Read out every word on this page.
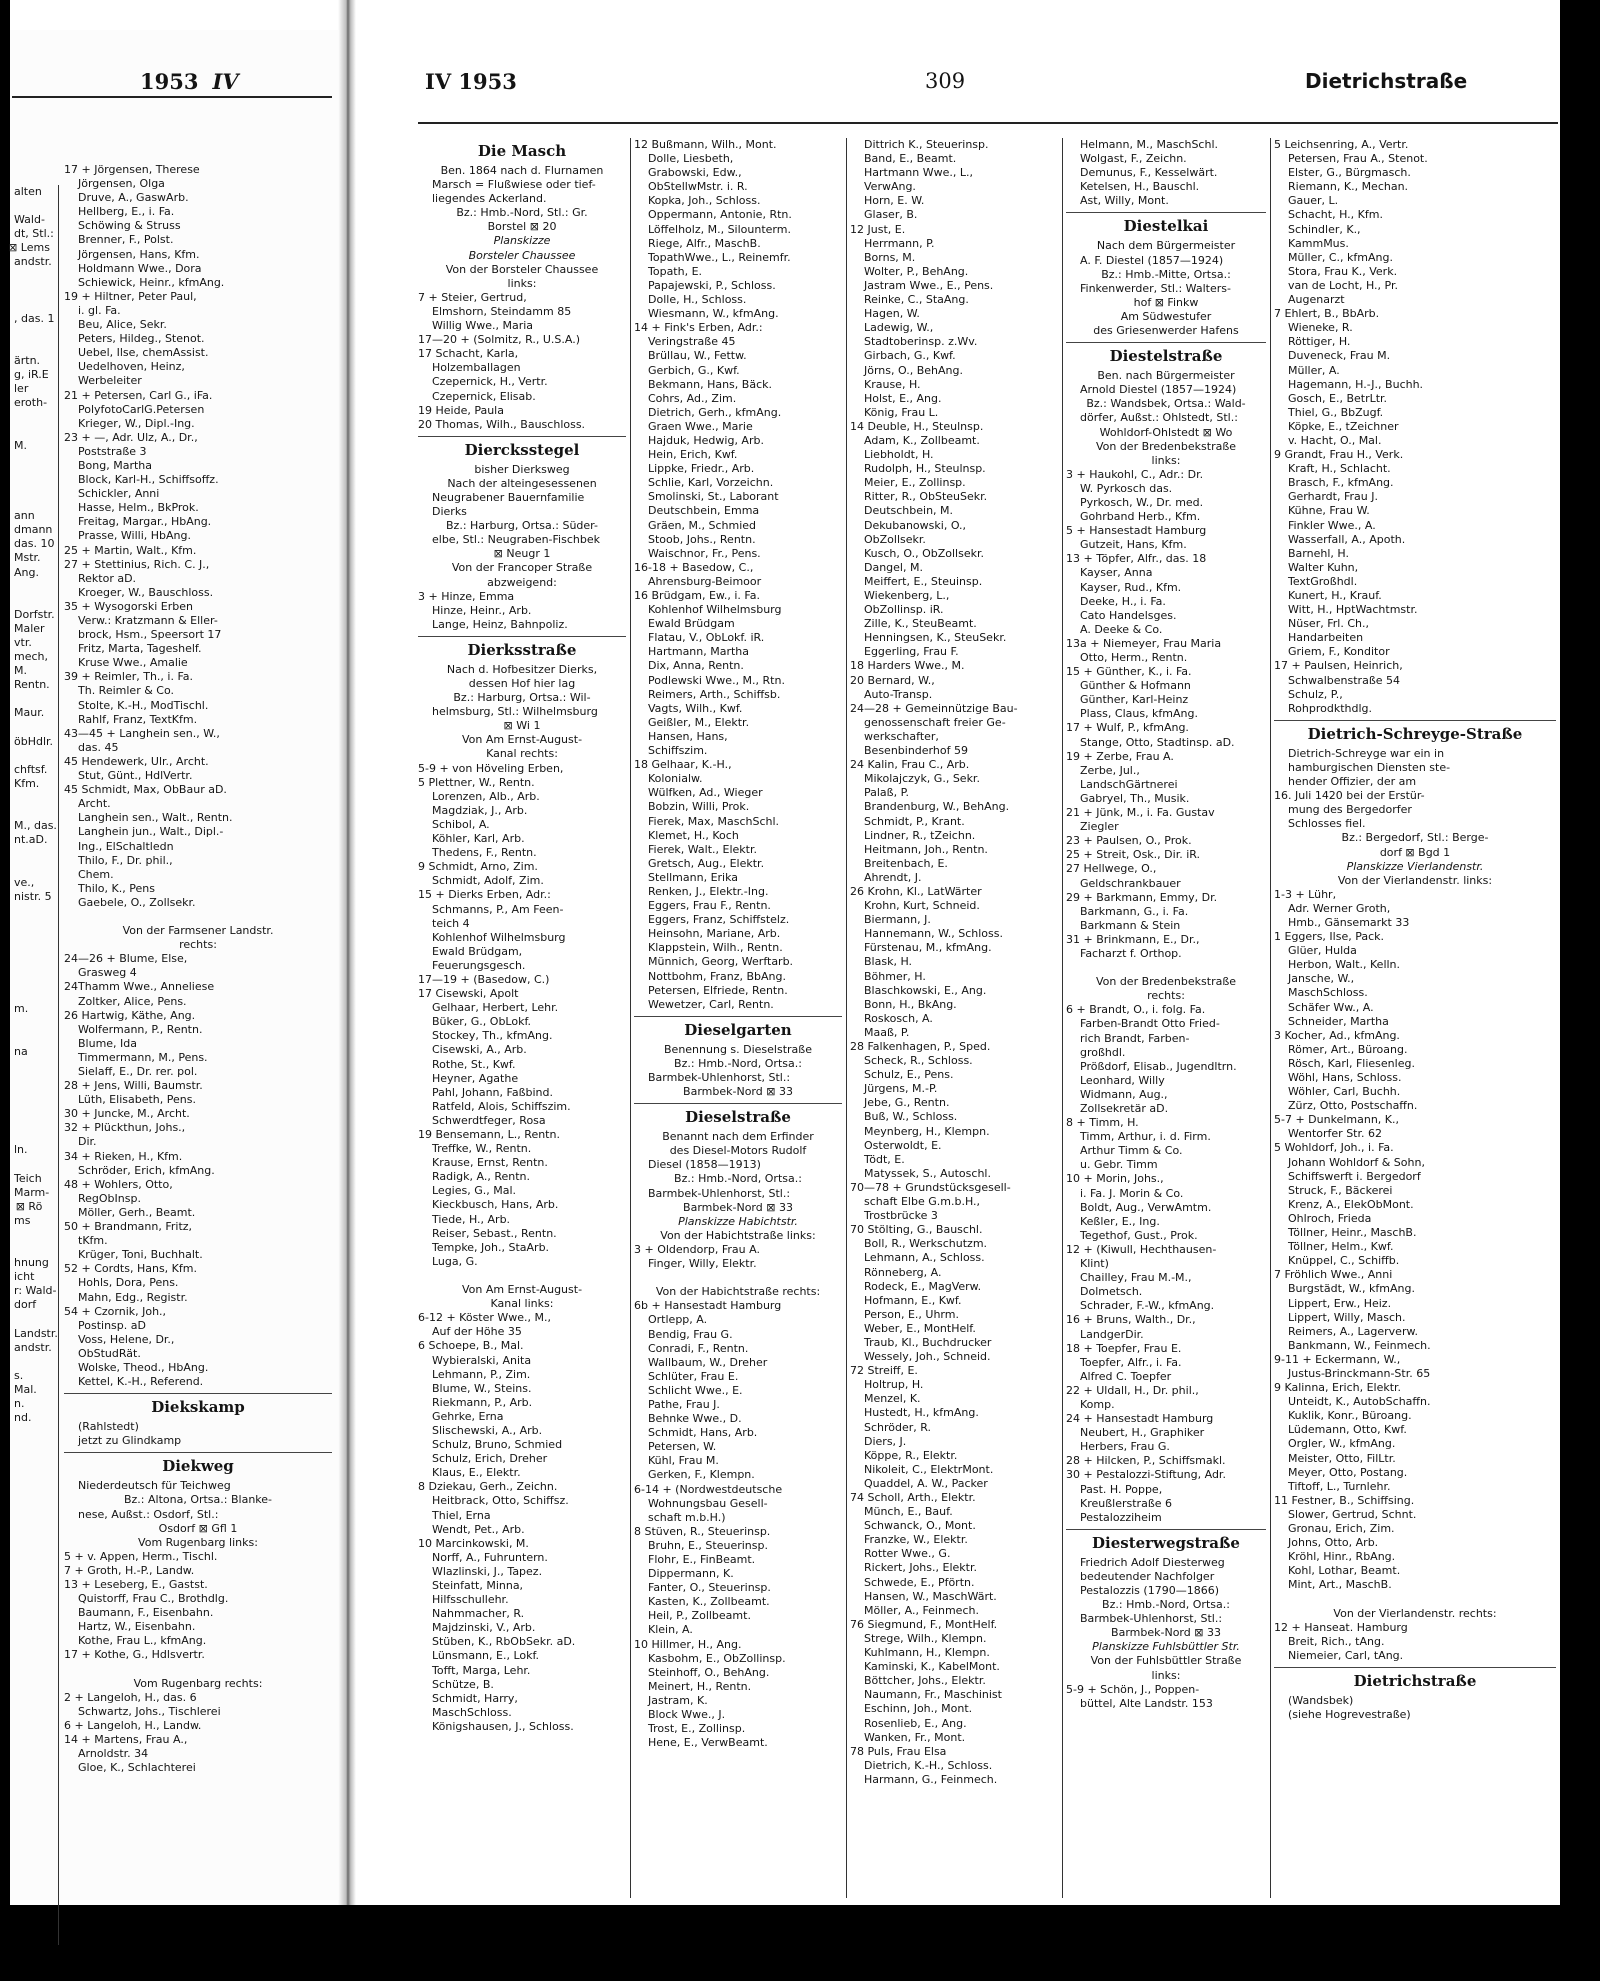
1953 IV	IV 1953	309	Dietrichstraße
alten

Wald-
dt, Stl.:
⊠ Lems
andstr.

, das. 1

ärtn.
g, iR.E
ler
eroth-

M.

ann
dmann
das. 10
Mstr.
Ang.

Dorfstr.
Maler
vtr.
mech,
M.
Rentn.

Maur.

öbHdlr.

chftsf.
Kfm.

M., das.
nt.aD.

ve.,
nistr. 5

m.

na

ln.

Teich
Marm-
⊠ Rö
ms

hnung
icht
r: Wald-
dorf

Landstr.
andstr.

s.
Mal.
n.
nd.
17 + Jörgensen, Therese
Jörgensen, Olga
Druve, A., GaswArb.
Hellberg, E., i. Fa.
Schöwing & Struss
Brenner, F., Polst.
Jörgensen, Hans, Kfm.
Holdmann Wwe., Dora
Schiewick, Heinr., kfmAng.
19 + Hiltner, Peter Paul,
i. gl. Fa.
Beu, Alice, Sekr.
Peters, Hildeg., Stenot.
Uebel, Ilse, chemAssist.
Uedelhoven, Heinz,
Werbeleiter
21 + Petersen, Carl G., iFa.
PolyfotoCarlG.Petersen
Krieger, W., Dipl.-Ing.
23 + —, Adr. Ulz, A., Dr.,
Poststraße 3
Bong, Martha
Block, Karl-H., Schiffsoffz.
Schickler, Anni
Hasse, Helm., BkProk.
Freitag, Margar., HbAng.
Prasse, Willi, HbAng.
25 + Martin, Walt., Kfm.
27 + Stettinius, Rich. C. J.,
Rektor aD.
Kroeger, W., Bauschloss.
35 + Wysogorski Erben
Verw.: Kratzmann & Eller-
brock, Hsm., Speersort 17
Fritz, Marta, Tageshelf.
Kruse Wwe., Amalie
39 + Reimler, Th., i. Fa.
Th. Reimler & Co.
Stolte, K.-H., ModTischl.
Rahlf, Franz, TextKfm.
43—45 + Langhein sen., W.,
das. 45
45 Hendewerk, Ulr., Archt.
Stut, Günt., HdlVertr.
45 Schmidt, Max, ObBaur aD.
Archt.
Langhein sen., Walt., Rentn.
Langhein jun., Walt., Dipl.-
Ing., ElSchaltledn
Thilo, F., Dr. phil.,
Chem.
Thilo, K., Pens
Gaebele, O., Zollsekr.

Von der Farmsener Landstr.
rechts:
24—26 + Blume, Else,
Grasweg 4
24Thamm Wwe., Anneliese
Zoltker, Alice, Pens.
26 Hartwig, Käthe, Ang.
Wolfermann, P., Rentn.
Blume, Ida
Timmermann, M., Pens.
Sielaff, E., Dr. rer. pol.
28 + Jens, Willi, Baumstr.
Lüth, Elisabeth, Pens.
30 + Juncke, M., Archt.
32 + Plückthun, Johs.,
Dir.
34 + Rieken, H., Kfm.
Schröder, Erich, kfmAng.
48 + Wohlers, Otto,
RegObInsp.
Möller, Gerh., Beamt.
50 + Brandmann, Fritz,
tKfm.
Krüger, Toni, Buchhalt.
52 + Cordts, Hans, Kfm.
Hohls, Dora, Pens.
Mahn, Edg., Registr.
54 + Czornik, Joh.,
Postinsp. aD
Voss, Helene, Dr.,
ObStudRät.
Wolske, Theod., HbAng.
Kettel, K.-H., Referend.
Diekskamp
(Rahlstedt)
jetzt zu Glindkamp
Diekweg
Niederdeutsch für Teichweg
Bz.: Altona, Ortsa.: Blanke-
nese, Außst.: Osdorf, Stl.:
Osdorf ⊠ Gfl 1
Vom Rugenbarg links:
5 + v. Appen, Herm., Tischl.
7 + Groth, H.-P., Landw.
13 + Leseberg, E., Gastst.
Quistorff, Frau C., Brothdlg.
Baumann, F., Eisenbahn.
Hartz, W., Eisenbahn.
Kothe, Frau L., kfmAng.
17 + Kothe, G., Hdlsvertr.

Vom Rugenbarg rechts:
2 + Langeloh, H., das. 6
Schwartz, Johs., Tischlerei
6 + Langeloh, H., Landw.
14 + Martens, Frau A.,
Arnoldstr. 34
Gloe, K., Schlachterei
Die Masch
Ben. 1864 nach d. Flurnamen
Marsch = Flußwiese oder tief-
liegendes Ackerland.
Bz.: Hmb.-Nord, Stl.: Gr.
Borstel ⊠ 20
Planskizze
Borsteler Chaussee
Von der Borsteler Chaussee
links:
7 + Steier, Gertrud,
Elmshorn, Steindamm 85
Willig Wwe., Maria
17—20 + (Solmitz, R., U.S.A.)
17 Schacht, Karla,
Holzemballagen
Czepernick, H., Vertr.
Czepernick, Elisab.
19 Heide, Paula
20 Thomas, Wilh., Bauschloss.
Diercksstegel
bisher Dierksweg
Nach der alteingesessenen
Neugrabener Bauernfamilie
Dierks
Bz.: Harburg, Ortsa.: Süder-
elbe, Stl.: Neugraben-Fischbek
⊠ Neugr 1
Von der Francoper Straße
abzweigend:
3 + Hinze, Emma
Hinze, Heinr., Arb.
Lange, Heinz, Bahnpoliz.
Dierksstraße
Nach d. Hofbesitzer Dierks,
dessen Hof hier lag
Bz.: Harburg, Ortsa.: Wil-
helmsburg, Stl.: Wilhelmsburg
⊠ Wi 1
Von Am Ernst-August-
Kanal rechts:
5-9 + von Höveling Erben,
5 Plettner, W., Rentn.
Lorenzen, Alb., Arb.
Magdziak, J., Arb.
Schibol, A.
Köhler, Karl, Arb.
Thedens, F., Rentn.
9 Schmidt, Arno, Zim.
Schmidt, Adolf, Zim.
15 + Dierks Erben, Adr.:
Schmanns, P., Am Feen-
teich 4
Kohlenhof Wilhelmsburg
Ewald Brüdgam,
Feuerungsgesch.
17—19 + (Basedow, C.)
17 Cisewski, Apolt
Gelhaar, Herbert, Lehr.
Büker, G., ObLokf.
Stockey, Th., kfmAng.
Cisewski, A., Arb.
Rothe, St., Kwf.
Heyner, Agathe
Pahl, Johann, Faßbind.
Ratfeld, Alois, Schiffszim.
Schwerdtfeger, Rosa
19 Bensemann, L., Rentn.
Treffke, W., Rentn.
Krause, Ernst, Rentn.
Radigk, A., Rentn.
Legies, G., Mal.
Kieckbusch, Hans, Arb.
Tiede, H., Arb.
Reiser, Sebast., Rentn.
Tempke, Joh., StaArb.
Luga, G.

Von Am Ernst-August-
Kanal links:
6-12 + Köster Wwe., M.,
Auf der Höhe 35
6 Schoepe, B., Mal.
Wybieralski, Anita
Lehmann, P., Zim.
Blume, W., Steins.
Riekmann, P., Arb.
Gehrke, Erna
Slischewski, A., Arb.
Schulz, Bruno, Schmied
Schulz, Erich, Dreher
Klaus, E., Elektr.
8 Dziekau, Gerh., Zeichn.
Heitbrack, Otto, Schiffsz.
Thiel, Erna
Wendt, Pet., Arb.
10 Marcinkowski, M.
Norff, A., Fuhruntern.
Wlazlinski, J., Tapez.
Steinfatt, Minna,
Hilfsschullehr.
Nahmmacher, R.
Majdzinski, V., Arb.
Stüben, K., RbObSekr. aD.
Lünsmann, E., Lokf.
Tofft, Marga, Lehr.
Schütze, B.
Schmidt, Harry,
MaschSchloss.
Königshausen, J., Schloss.
12 Bußmann, Wilh., Mont.
Dolle, Liesbeth,
Grabowski, Edw.,
ObStellwMstr. i. R.
Kopka, Joh., Schloss.
Oppermann, Antonie, Rtn.
Löffelholz, M., Silounterm.
Riege, Alfr., MaschB.
TopathWwe., L., Reinemfr.
Topath, E.
Papajewski, P., Schloss.
Dolle, H., Schloss.
Wiesmann, W., kfmAng.
14 + Fink's Erben, Adr.:
Veringstraße 45
Brüllau, W., Fettw.
Gerbich, G., Kwf.
Bekmann, Hans, Bäck.
Cohrs, Ad., Zim.
Dietrich, Gerh., kfmAng.
Graen Wwe., Marie
Hajduk, Hedwig, Arb.
Hein, Erich, Kwf.
Lippke, Friedr., Arb.
Schlie, Karl, Vorzeichn.
Smolinski, St., Laborant
Deutschbein, Emma
Gräen, M., Schmied
Stoob, Johs., Rentn.
Waischnor, Fr., Pens.
16-18 + Basedow, C.,
Ahrensburg-Beimoor
16 Brüdgam, Ew., i. Fa.
Kohlenhof Wilhelmsburg
Ewald Brüdgam
Flatau, V., ObLokf. iR.
Hartmann, Martha
Dix, Anna, Rentn.
Podlewski Wwe., M., Rtn.
Reimers, Arth., Schiffsb.
Vagts, Wilh., Kwf.
Geißler, M., Elektr.
Hansen, Hans,
Schiffszim.
18 Gelhaar, K.-H.,
Kolonialw.
Wülfken, Ad., Wieger
Bobzin, Willi, Prok.
Fierek, Max, MaschSchl.
Klemet, H., Koch
Fierek, Walt., Elektr.
Gretsch, Aug., Elektr.
Stellmann, Erika
Renken, J., Elektr.-Ing.
Eggers, Frau F., Rentn.
Eggers, Franz, Schiffstelz.
Heinsohn, Mariane, Arb.
Klappstein, Wilh., Rentn.
Münnich, Georg, Werftarb.
Nottbohm, Franz, BbAng.
Petersen, Elfriede, Rentn.
Wewetzer, Carl, Rentn.
Dieselgarten
Benennung s. Dieselstraße
Bz.: Hmb.-Nord, Ortsa.:
Barmbek-Uhlenhorst, Stl.:
Barmbek-Nord ⊠ 33
Dieselstraße
Benannt nach dem Erfinder
des Diesel-Motors Rudolf
Diesel (1858—1913)
Bz.: Hmb.-Nord, Ortsa.:
Barmbek-Uhlenhorst, Stl.:
Barmbek-Nord ⊠ 33
Planskizze Habichtstr.
Von der Habichtstraße links:
3 + Oldendorp, Frau A.
Finger, Willy, Elektr.

Von der Habichtstraße rechts:
6b + Hansestadt Hamburg
Ortlepp, A.
Bendig, Frau G.
Conradi, F., Rentn.
Wallbaum, W., Dreher
Schlüter, Frau E.
Schlicht Wwe., E.
Pathe, Frau J.
Behnke Wwe., D.
Schmidt, Hans, Arb.
Petersen, W.
Kühl, Frau M.
Gerken, F., Klempn.
6-14 + (Nordwestdeutsche
Wohnungsbau Gesell-
schaft m.b.H.)
8 Stüven, R., Steuerinsp.
Bruhn, E., Steuerinsp.
Flohr, E., FinBeamt.
Dippermann, K.
Fanter, O., Steuerinsp.
Kasten, K., Zollbeamt.
Heil, P., Zollbeamt.
Klein, A.
10 Hillmer, H., Ang.
Kasbohm, E., ObZollinsp.
Steinhoff, O., BehAng.
Meinert, H., Rentn.
Jastram, K.
Block Wwe., J.
Trost, E., Zollinsp.
Hene, E., VerwBeamt.
Dittrich K., Steuerinsp.
Band, E., Beamt.
Hartmann Wwe., L.,
VerwAng.
Horn, E. W.
Glaser, B.
12 Just, E.
Herrmann, P.
Borns, M.
Wolter, P., BehAng.
Jastram Wwe., E., Pens.
Reinke, C., StaAng.
Hagen, W.
Ladewig, W.,
Stadtoberinsp. z.Wv.
Girbach, G., Kwf.
Jörns, O., BehAng.
Krause, H.
Holst, E., Ang.
König, Frau L.
14 Deuble, H., Steulnsp.
Adam, K., Zollbeamt.
Liebholdt, H.
Rudolph, H., Steulnsp.
Meier, E., Zollinsp.
Ritter, R., ObSteuSekr.
Deutschbein, M.
Dekubanowski, O.,
ObZollsekr.
Kusch, O., ObZollsekr.
Dangel, M.
Meiffert, E., Steuinsp.
Wiekenberg, L.,
ObZollinsp. iR.
Zille, K., SteuBeamt.
Henningsen, K., SteuSekr.
Eggerling, Frau F.
18 Harders Wwe., M.
20 Bernard, W.,
Auto-Transp.
24—28 + Gemeinnützige Bau-
genossenschaft freier Ge-
werkschafter,
Besenbinderhof 59
24 Kalin, Frau C., Arb.
Mikolajczyk, G., Sekr.
Palaß, P.
Brandenburg, W., BehAng.
Schmidt, P., Krant.
Lindner, R., tZeichn.
Heitmann, Joh., Rentn.
Breitenbach, E.
Ahrendt, J.
26 Krohn, Kl., LatWärter
Krohn, Kurt, Schneid.
Biermann, J.
Hannemann, W., Schloss.
Fürstenau, M., kfmAng.
Blask, H.
Böhmer, H.
Blaschkowski, E., Ang.
Bonn, H., BkAng.
Roskosch, A.
Maaß, P.
28 Falkenhagen, P., Sped.
Scheck, R., Schloss.
Schulz, E., Pens.
Jürgens, M.-P.
Jebe, G., Rentn.
Buß, W., Schloss.
Meynberg, H., Klempn.
Osterwoldt, E.
Tödt, E.
Matyssek, S., Autoschl.
70—78 + Grundstücksgesell-
schaft Elbe G.m.b.H.,
Trostbrücke 3
70 Stölting, G., Bauschl.
Boll, R., Werkschutzm.
Lehmann, A., Schloss.
Rönneberg, A.
Rodeck, E., MagVerw.
Hofmann, E., Kwf.
Person, E., Uhrm.
Weber, E., MontHelf.
Traub, Kl., Buchdrucker
Wessely, Joh., Schneid.
72 Streiff, E.
Holtrup, H.
Menzel, K.
Hustedt, H., kfmAng.
Schröder, R.
Diers, J.
Köppe, R., Elektr.
Nikoleit, C., ElektrMont.
Quaddel, A. W., Packer
74 Scholl, Arth., Elektr.
Münch, E., Bauf.
Schwanck, O., Mont.
Franzke, W., Elektr.
Rotter Wwe., G.
Rickert, Johs., Elektr.
Schwede, E., Pförtn.
Hansen, W., MaschWärt.
Möller, A., Feinmech.
76 Siegmund, F., MontHelf.
Strege, Wilh., Klempn.
Kuhlmann, H., Klempn.
Kaminski, K., KabelMont.
Böttcher, Johs., Elektr.
Naumann, Fr., Maschinist
Eschinn, Joh., Mont.
Rosenlieb, E., Ang.
Wanken, Fr., Mont.
78 Puls, Frau Elsa
Dietrich, K.-H., Schloss.
Harmann, G., Feinmech.
Helmann, M., MaschSchl.
Wolgast, F., Zeichn.
Demunus, F., Kesselwärt.
Ketelsen, H., Bauschl.
Ast, Willy, Mont.
Diestelkai
Nach dem Bürgermeister
A. F. Diestel (1857—1924)
Bz.: Hmb.-Mitte, Ortsa.:
Finkenwerder, Stl.: Walters-
hof ⊠ Finkw
Am Südwestufer
des Griesenwerder Hafens
Diestelstraße
Ben. nach Bürgermeister
Arnold Diestel (1857—1924)
Bz.: Wandsbek, Ortsa.: Wald-
dörfer, Außst.: Ohlstedt, Stl.:
Wohldorf-Ohlstedt ⊠ Wo
Von der Bredenbekstraße
links:
3 + Haukohl, C., Adr.: Dr.
W. Pyrkosch das.
Pyrkosch, W., Dr. med.
Gohrband Herb., Kfm.
5 + Hansestadt Hamburg
Gutzeit, Hans, Kfm.
13 + Töpfer, Alfr., das. 18
Kayser, Anna
Kayser, Rud., Kfm.
Deeke, H., i. Fa.
Cato Handelsges.
A. Deeke & Co.
13a + Niemeyer, Frau Maria
Otto, Herm., Rentn.
15 + Günther, K., i. Fa.
Günther & Hofmann
Günther, Karl-Heinz
Plass, Claus, kfmAng.
17 + Wulf, P., kfmAng.
Stange, Otto, Stadtinsp. aD.
19 + Zerbe, Frau A.
Zerbe, Jul.,
LandschGärtnerei
Gabryel, Th., Musik.
21 + Jünk, M., i. Fa. Gustav
Ziegler
23 + Paulsen, O., Prok.
25 + Streit, Osk., Dir. iR.
27 Hellwege, O.,
Geldschrankbauer
29 + Barkmann, Emmy, Dr.
Barkmann, G., i. Fa.
Barkmann & Stein
31 + Brinkmann, E., Dr.,
Facharzt f. Orthop.

Von der Bredenbekstraße
rechts:
6 + Brandt, O., i. folg. Fa.
Farben-Brandt Otto Fried-
rich Brandt, Farben-
großhdl.
Prößdorf, Elisab., Jugendltrn.
Leonhard, Willy
Widmann, Aug.,
Zollsekretär aD.
8 + Timm, H.
Timm, Arthur, i. d. Firm.
Arthur Timm & Co.
u. Gebr. Timm
10 + Morin, Johs.,
i. Fa. J. Morin & Co.
Boldt, Aug., VerwAmtm.
Keßler, E., Ing.
Tegethof, Gust., Prok.
12 + (Kiwull, Hechthausen-
Klint)
Chailley, Frau M.-M.,
Dolmetsch.
Schrader, F.-W., kfmAng.
16 + Bruns, Walth., Dr.,
LandgerDir.
18 + Toepfer, Frau E.
Toepfer, Alfr., i. Fa.
Alfred C. Toepfer
22 + Uldall, H., Dr. phil.,
Komp.
24 + Hansestadt Hamburg
Neubert, H., Graphiker
Herbers, Frau G.
28 + Hilcken, P., Schiffsmakl.
30 + Pestalozzi-Stiftung, Adr.
Past. H. Poppe,
Kreußlerstraße 6
Pestalozziheim
Diesterwegstraße
Friedrich Adolf Diesterweg
bedeutender Nachfolger
Pestalozzis (1790—1866)
Bz.: Hmb.-Nord, Ortsa.:
Barmbek-Uhlenhorst, Stl.:
Barmbek-Nord ⊠ 33
Planskizze Fuhlsbüttler Str.
Von der Fuhlsbüttler Straße
links:
5-9 + Schön, J., Poppen-
büttel, Alte Landstr. 153
5 Leichsenring, A., Vertr.
Petersen, Frau A., Stenot.
Elster, G., Bürgmasch.
Riemann, K., Mechan.
Gauer, L.
Schacht, H., Kfm.
Schindler, K.,
KammMus.
Müller, C., kfmAng.
Stora, Frau K., Verk.
van de Locht, H., Pr.
Augenarzt
7 Ehlert, B., BbArb.
Wieneke, R.
Röttiger, H.
Duveneck, Frau M.
Müller, A.
Hagemann, H.-J., Buchh.
Gosch, E., BetrLtr.
Thiel, G., BbZugf.
Köpke, E., tZeichner
v. Hacht, O., Mal.
9 Grandt, Frau H., Verk.
Kraft, H., Schlacht.
Brasch, F., kfmAng.
Gerhardt, Frau J.
Kühne, Frau W.
Finkler Wwe., A.
Wasserfall, A., Apoth.
Barnehl, H.
Walter Kuhn,
TextGroßhdl.
Kunert, H., Krauf.
Witt, H., HptWachtmstr.
Nüser, Frl. Ch.,
Handarbeiten
Griem, F., Konditor
17 + Paulsen, Heinrich,
Schwalbenstraße 54
Schulz, P.,
Rohprodkthdlg.
Dietrich-Schreyge-Straße
Dietrich-Schreyge war ein in
hamburgischen Diensten ste-
hender Offizier, der am
16. Juli 1420 bei der Erstür-
mung des Bergedorfer
Schlosses fiel.
Bz.: Bergedorf, Stl.: Berge-
dorf ⊠ Bgd 1
Planskizze Vierlandenstr.
Von der Vierlandenstr. links:
1-3 + Lühr,
Adr. Werner Groth,
Hmb., Gänsemarkt 33
1 Eggers, Ilse, Pack.
Glüer, Hulda
Herbon, Walt., Kelln.
Jansche, W.,
MaschSchloss.
Schäfer Ww., A.
Schneider, Martha
3 Kocher, Ad., kfmAng.
Römer, Art., Büroang.
Rösch, Karl, Fliesenleg.
Wöhl, Hans, Schloss.
Wöhler, Carl, Buchh.
Zürz, Otto, Postschaffn.
5-7 + Dunkelmann, K.,
Wentorfer Str. 62
5 Wohldorf, Joh., i. Fa.
Johann Wohldorf & Sohn,
Schiffswerft i. Bergedorf
Struck, F., Bäckerei
Krenz, A., ElekObMont.
Ohlroch, Frieda
Töllner, Heinr., MaschB.
Töllner, Helm., Kwf.
Knüppel, C., Schiffb.
7 Fröhlich Wwe., Anni
Burgstädt, W., kfmAng.
Lippert, Erw., Heiz.
Lippert, Willy, Masch.
Reimers, A., Lagerverw.
Bankmann, W., Feinmech.
9-11 + Eckermann, W.,
Justus-Brinckmann-Str. 65
9 Kalinna, Erich, Elektr.
Unteidt, K., AutobSchaffn.
Kuklik, Konr., Büroang.
Lüdemann, Otto, Kwf.
Orgler, W., kfmAng.
Meister, Otto, FilLtr.
Meyer, Otto, Postang.
Tiftoff, L., Turnlehr.
11 Festner, B., Schiffsing.
Slower, Gertrud, Schnt.
Gronau, Erich, Zim.
Johns, Otto, Arb.
Kröhl, Hinr., RbAng.
Kohl, Lothar, Beamt.
Mint, Art., MaschB.

Von der Vierlandenstr. rechts:
12 + Hanseat. Hamburg
Breit, Rich., tAng.
Niemeier, Carl, tAng.
Dietrichstraße
(Wandsbek)
(siehe Hogrevestraße)
